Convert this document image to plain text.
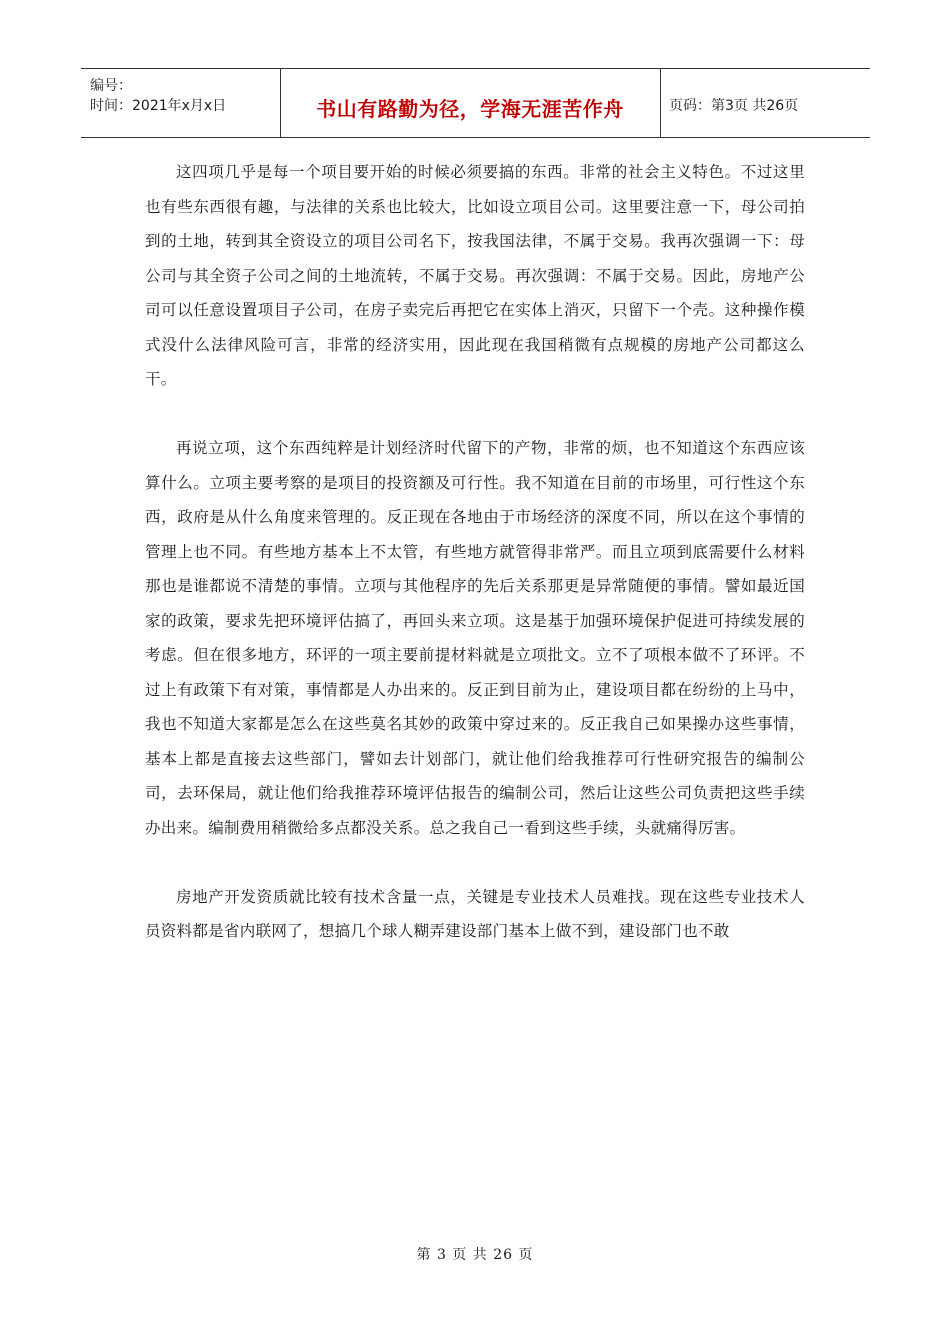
编号：
时间：2021年x月x日	书山有路勤为径，学海无涯苦作舟	页码：第3页 共26页

这四项几乎是每一个项目要开始的时候必须要搞的东西。非常的社会主义特色。不过这里也有些东西很有趣，与法律的关系也比较大，比如设立项目公司。这里要注意一下，母公司拍到的土地，转到其全资设立的项目公司名下，按我国法律，不属于交易。我再次强调一下：母公司与其全资子公司之间的土地流转，不属于交易。再次强调：不属于交易。因此，房地产公司可以任意设置项目子公司，在房子卖完后再把它在实体上消灭，只留下一个壳。这种操作模式没什么法律风险可言，非常的经济实用，因此现在我国稍微有点规模的房地产公司都这么干。

再说立项，这个东西纯粹是计划经济时代留下的产物，非常的烦，也不知道这个东西应该算什么。立项主要考察的是项目的投资额及可行性。我不知道在目前的市场里，可行性这个东西，政府是从什么角度来管理的。反正现在各地由于市场经济的深度不同，所以在这个事情的管理上也不同。有些地方基本上不太管，有些地方就管得非常严。而且立项到底需要什么材料那也是谁都说不清楚的事情。立项与其他程序的先后关系那更是异常随便的事情。譬如最近国家的政策，要求先把环境评估搞了，再回头来立项。这是基于加强环境保护促进可持续发展的考虑。但在很多地方，环评的一项主要前提材料就是立项批文。立不了项根本做不了环评。不过上有政策下有对策，事情都是人办出来的。反正到目前为止，建设项目都在纷纷的上马中，我也不知道大家都是怎么在这些莫名其妙的政策中穿过来的。反正我自己如果操办这些事情，基本上都是直接去这些部门，譬如去计划部门，就让他们给我推荐可行性研究报告的编制公司，去环保局，就让他们给我推荐环境评估报告的编制公司，然后让这些公司负责把这些手续办出来。编制费用稍微给多点都没关系。总之我自己一看到这些手续，头就痛得厉害。

房地产开发资质就比较有技术含量一点，关键是专业技术人员难找。现在这些专业技术人员资料都是省内联网了，想搞几个球人糊弄建设部门基本上做不到，建设部门也不敢

第 3 页 共 26 页
